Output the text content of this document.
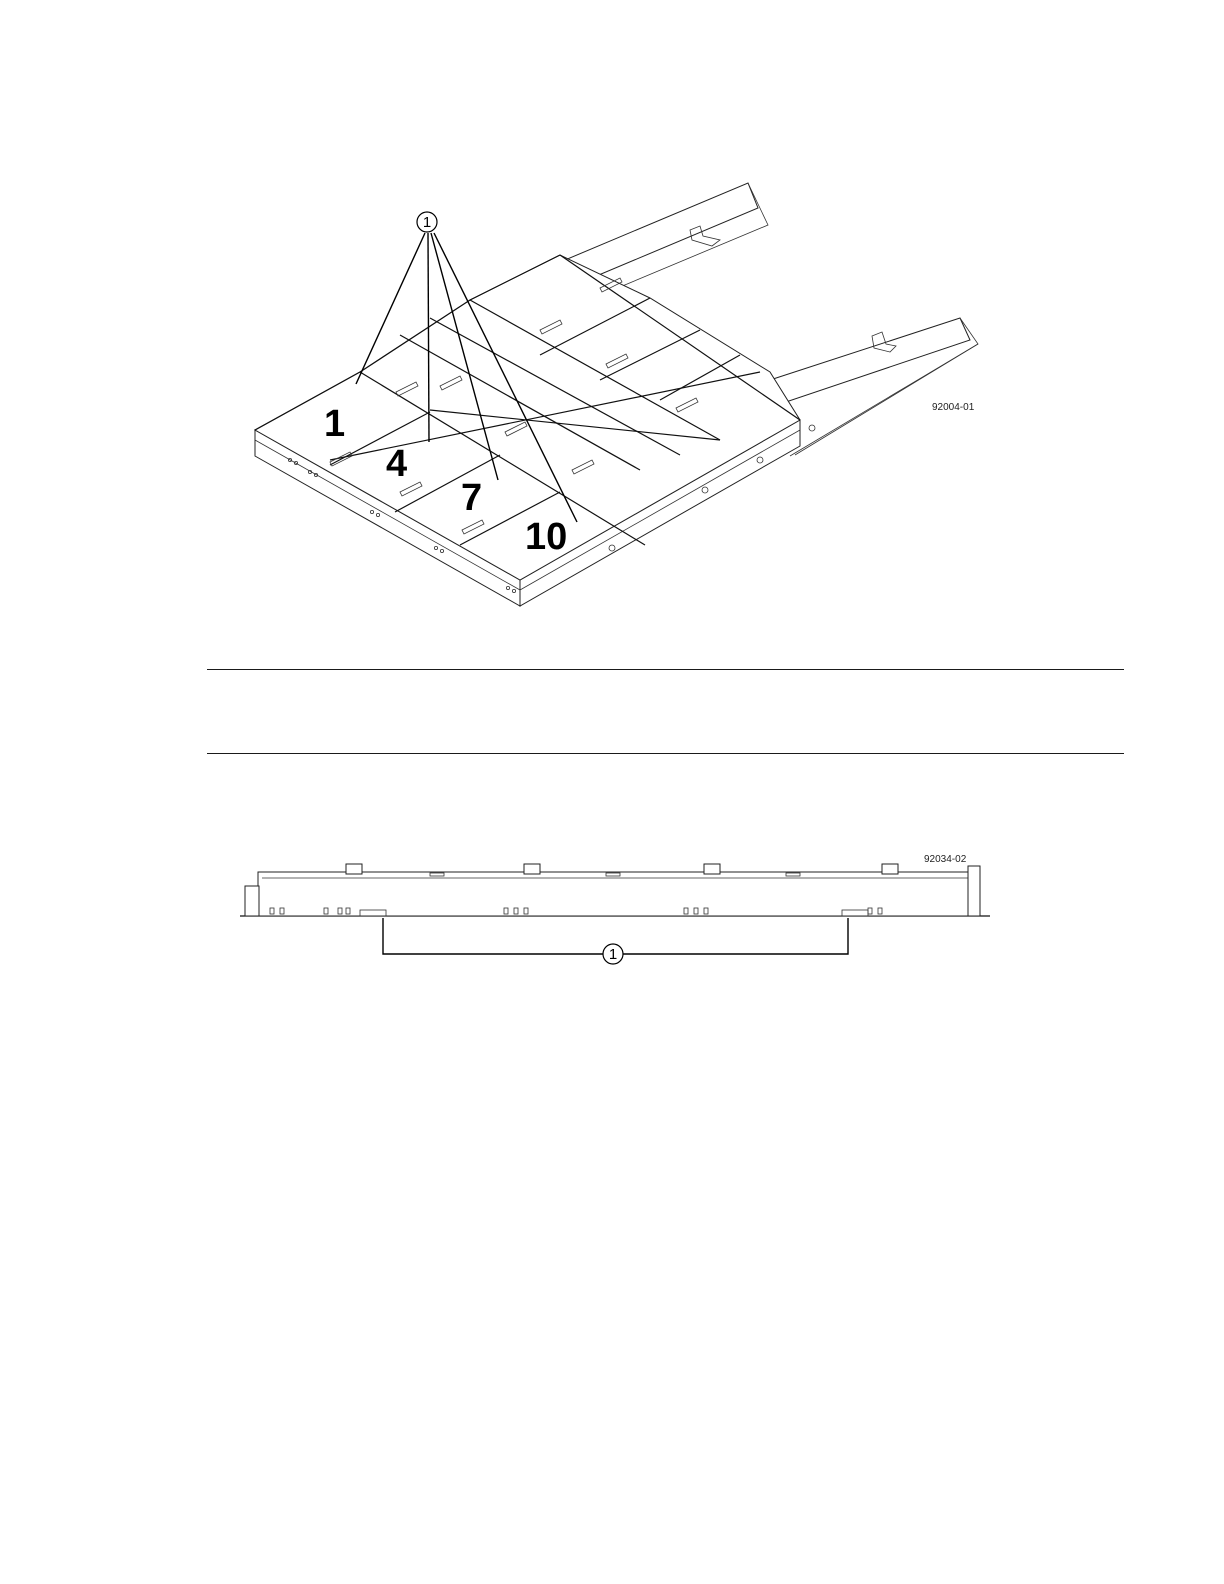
1
4
7
10
1
92004-01
1
92034-02
